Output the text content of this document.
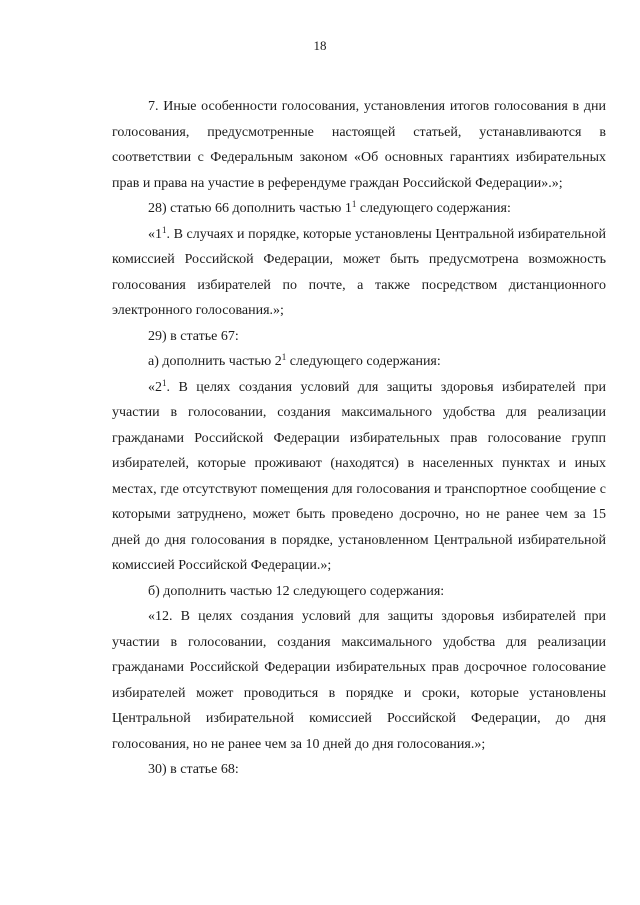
18

7. Иные особенности голосования, установления итогов голосования в дни голосования, предусмотренные настоящей статьей, устанавливаются в соответствии с Федеральным законом «Об основных гарантиях избирательных прав и права на участие в референдуме граждан Российской Федерации».»;

28) статью 66 дополнить частью $1^1$ следующего содержания:

«$1^1$. В случаях и порядке, которые установлены Центральной избирательной комиссией Российской Федерации, может быть предусмотрена возможность голосования избирателей по почте, а также посредством дистанционного электронного голосования.»;

29) в статье 67:

а) дополнить частью $2^1$ следующего содержания:

«$2^1$. В целях создания условий для защиты здоровья избирателей при участии в голосовании, создания максимального удобства для реализации гражданами Российской Федерации избирательных прав голосование групп избирателей, которые проживают (находятся) в населенных пунктах и иных местах, где отсутствуют помещения для голосования и транспортное сообщение с которыми затруднено, может быть проведено досрочно, но не ранее чем за 15 дней до дня голосования в порядке, установленном Центральной избирательной комиссией Российской Федерации.»;

б) дополнить частью 12 следующего содержания:

«12. В целях создания условий для защиты здоровья избирателей при участии в голосовании, создания максимального удобства для реализации гражданами Российской Федерации избирательных прав досрочное голосование избирателей может проводиться в порядке и сроки, которые установлены Центральной избирательной комиссией Российской Федерации, до дня голосования, но не ранее чем за 10 дней до дня голосования.»;

30) в статье 68:
